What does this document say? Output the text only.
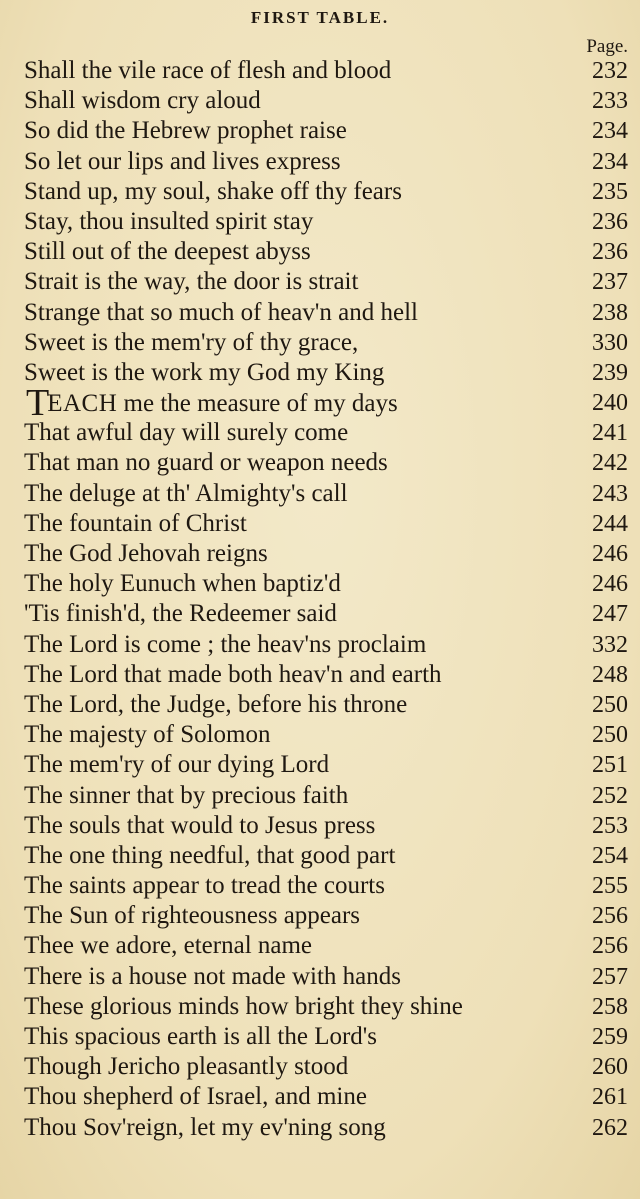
FIRST TABLE.
Page.
Shall the vile race of flesh and blood	232
Shall wisdom cry aloud	233
So did the Hebrew prophet raise	234
So let our lips and lives express	234
Stand up, my soul, shake off thy fears	235
Stay, thou insulted spirit stay	236
Still out of the deepest abyss	236
Strait is the way, the door is strait	237
Strange that so much of heav'n and hell	238
Sweet is the mem'ry of thy grace,	330
Sweet is the work my God my King	239
TEACH me the measure of my days	240
That awful day will surely come	241
That man no guard or weapon needs	242
The deluge at th' Almighty's call	243
The fountain of Christ	244
The God Jehovah reigns	246
The holy Eunuch when baptiz'd	246
'Tis finish'd, the Redeemer said	247
The Lord is come ; the heav'ns proclaim	332
The Lord that made both heav'n and earth	248
The Lord, the Judge, before his throne	250
The majesty of Solomon	250
The mem'ry of our dying Lord	251
The sinner that by precious faith	252
The souls that would to Jesus press	253
The one thing needful, that good part	254
The saints appear to tread the courts	255
The Sun of righteousness appears	256
Thee we adore, eternal name	256
There is a house not made with hands	257
These glorious minds how bright they shine	258
This spacious earth is all the Lord's	259
Though Jericho pleasantly stood	260
Thou shepherd of Israel, and mine	261
Thou Sov'reign, let my ev'ning song	262
